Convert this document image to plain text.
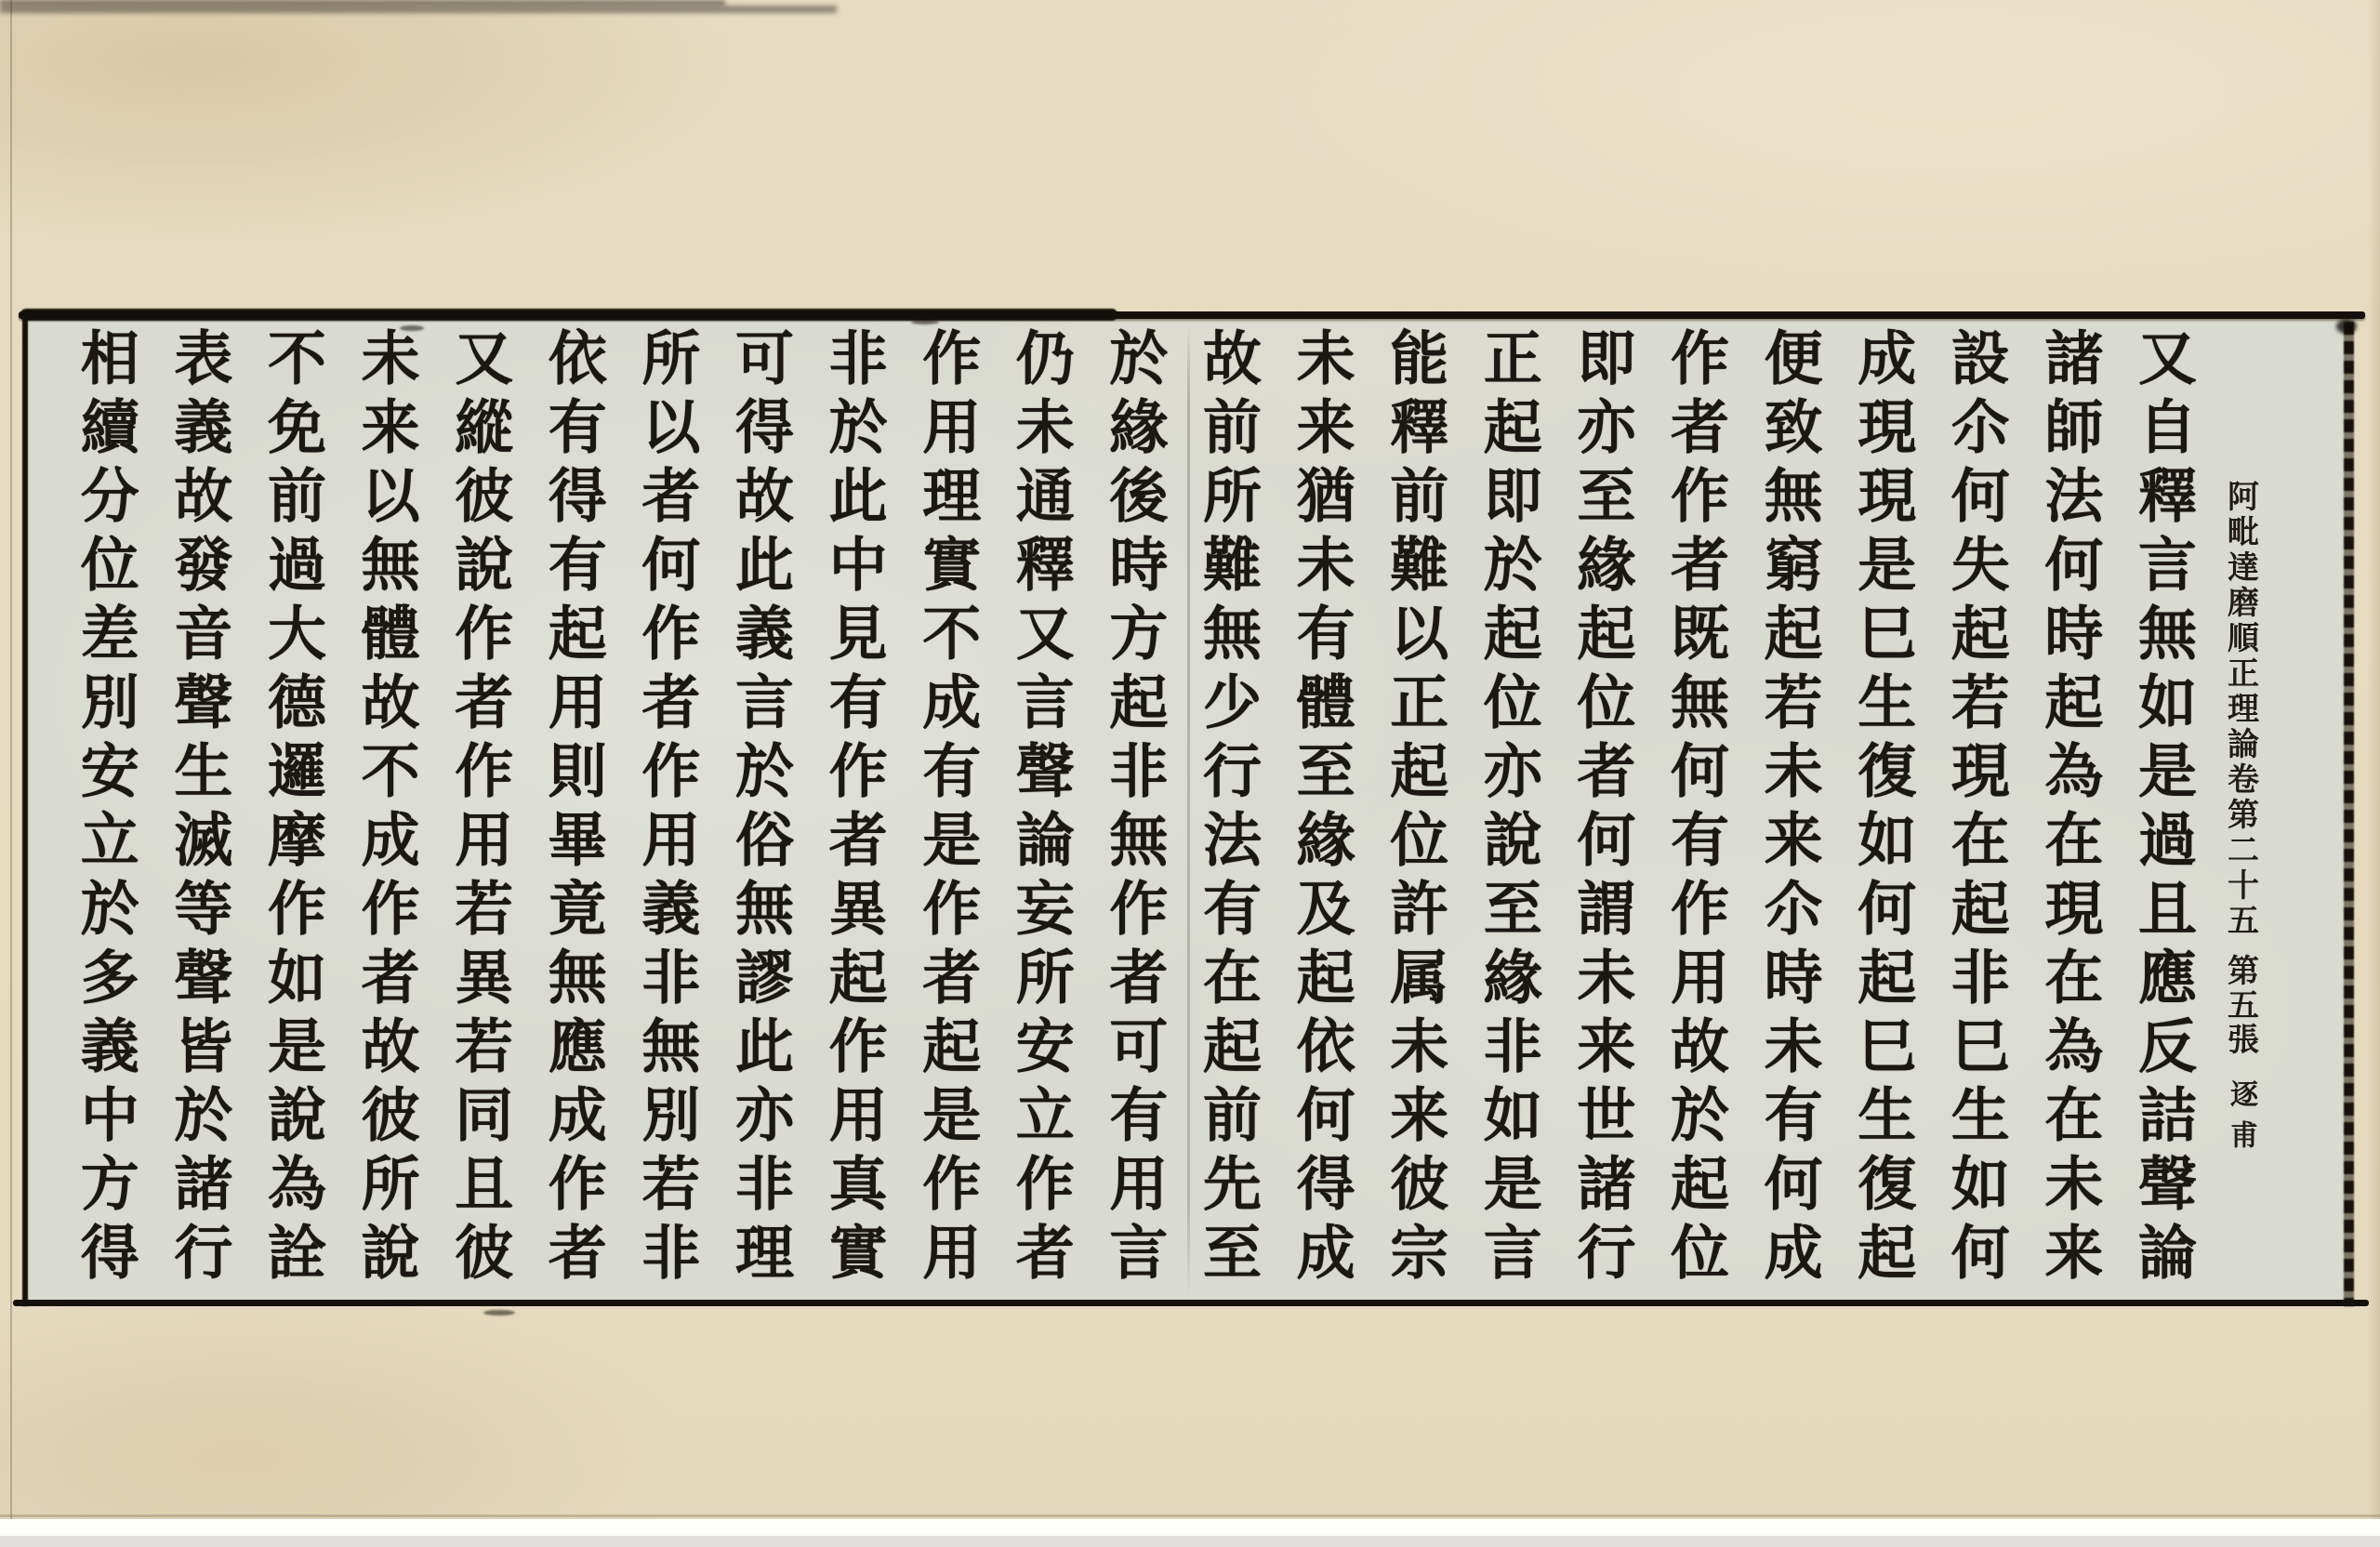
又自釋言無如是過且應反詰聲論
諸師法何時起為在現在為在未来
設尒何失起若現在起非巳生如何
成現現是巳生復如何起巳生復起
便致無窮起若未来尒時未有何成
作者作者既無何有作用故於起位
即亦至緣起位者何謂未来世諸行
正起即於起位亦說至緣非如是言
能釋前難以正起位許属未来彼宗
未来猶未有體至緣及起依何得成
故前所難無少行法有在起前先至
於緣後時方起非無作者可有用言
仍未通釋又言聲論妄所安立作者
作用理實不成有是作者起是作用
非於此中見有作者異起作用真實
可得故此義言於俗無謬此亦非理
所以者何作者作用義非無別若非
依有得有起用則畢竟無應成作者
又縱彼說作者作用若異若同且彼
未来以無體故不成作者故彼所說
不免前過大德邏摩作如是說為詮
表義故發音聲生滅等聲皆於諸行
相續分位差別安立於多義中方得	阿毗達磨順正理論卷第二十五
第五張
逐
甫
